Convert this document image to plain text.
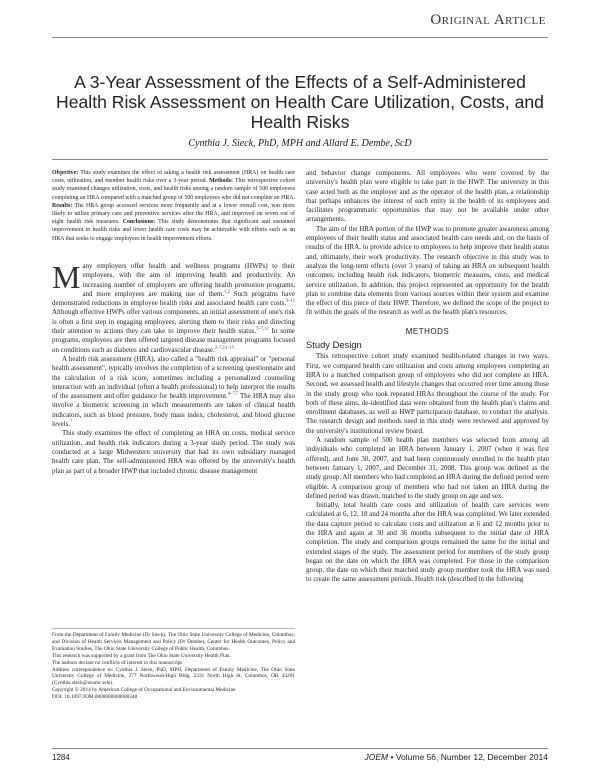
Original Article
A 3-Year Assessment of the Effects of a Self-Administered Health Risk Assessment on Health Care Utilization, Costs, and Health Risks
Cynthia J. Sieck, PhD, MPH and Allard E. Dembe, ScD
Objective: This study examines the effect of taking a health risk assessment (HRA) on health care costs, utilization, and member health risks over a 3-year period. Methods: This retrospective cohort study examined changes utilization, costs, and health risks among a random sample of 500 employees completing an HRA compared with a matched group of 500 employees who did not complete an HRA. Results: The HRA group accessed services more frequently and at a lower overall cost, was more likely to utilize primary care and preventive services after the HRA, and improved on seven out of eight health risk measures. Conclusions: This study demonstrates that significant and sustained improvement in health risks and lower health care costs may be achievable with efforts such as an HRA that seeks to engage employees in health improvement efforts.

Many employers offer health and wellness programs (HWPs) to their employees, with the aim of improving health and productivity. An increasing number of employers are offering health promotion programs, and more employees are making use of them.$^{1,2}$ Such programs have demonstrated reductions in employee health risks and associated health care costs.$^{3-11}$ Although effective HWPs offer various components, an initial assessment of one's risk is often a first step in engaging employees, alerting them to their risks and directing their attention to actions they can take to improve their health status.$^{5-7,12}$ In some programs, employees are then offered targeted disease management programs focused on conditions such as diabetes and cardiovascular disease.$^{2-7,13-15}$

A health risk assessment (HRA), also called a "health risk appraisal" or "personal health assessment", typically involves the completion of a screening questionnaire and the calculation of a risk score, sometimes including a personalized counseling interaction with an individual (often a health professional) to help interpret the results of the assessment and offer guidance for health improvement.$^{4-7,7}$ The HRA may also involve a biometric screening in which measurements are taken of clinical health indicators, such as blood pressure, body mass index, cholesterol, and blood glucose levels.$^7$

This study examines the effect of completing an HRA on costs, medical service utilization, and health risk indicators during a 3-year study period. The study was conducted at a large Midwestern university that had its own subsidiary managed health care plan. The self-administered HRA was offered by the university's health plan as part of a broader HWP that included chronic disease management

From the Department of Family Medicine (Dr Sieck), The Ohio State University College of Medicine, Columbus; and Division of Health Services Management and Policy (Dr Dembe), Center for Health Outcomes, Policy and Evaluation Studies, The Ohio State University College of Public Health, Columbus.

This research was supported by a grant from The Ohio State University Health Plan.

The authors declare no conflicts of interest in this manuscript.

Address correspondence to: Cynthia J. Sieck, PhD, MPH, Department of Family Medicine, The Ohio State University College of Medicine, 277 Northwood-High Bldg, 2231 North High St, Columbus, OH 43201 (Cynthia.sieck@osumc.edu).

Copyright © 2014 by American College of Occupational and Environmental Medicine

DOI: 10.1097/JOM.0000000000000348

and behavior change components. All employees who were covered by the university's health plan were eligible to take part in the HWP. The university in this case acted both as the employer and as the operator of the health plan, a relationship that perhaps enhances the interest of each entity in the health of its employees and facilitates programmatic opportunities that may not be available under other arrangements.

The aim of the HRA portion of the HWP was to promote greater awareness among employees of their health status and associated health care needs and, on the basis of results of the HRA, to provide advice to employees to help improve their health status and, ultimately, their work productivity. The research objective in this study was to analyze the long-term effects (over 3 years) of taking an HRA on subsequent health outcomes, including health risk indicators, biometric measures, costs, and medical service utilization. In addition, this project represented an opportunity for the health plan to combine data elements from various sources within their system and examine the effect of this piece of their HWP. Therefore, we defined the scope of the project to fit within the goals of the research as well as the health plan's resources.

METHODS
Study Design

This retrospective cohort study examined health-related changes in two ways. First, we compared health care utilization and costs among employees completing an HRA to a matched comparison group of employees who did not complete an HRA. Second, we assessed health and lifestyle changes that occurred over time among those in the study group who took repeated HRAs throughout the course of the study. For both of these aims, de-identified data were obtained from the health plan's claims and enrollment databases, as well as HWP participation database, to conduct the analysis. The research design and methods used in this study were reviewed and approved by the university's institutional review board.

A random sample of 500 health plan members was selected from among all individuals who completed an HRA between January 1, 2007 (when it was first offered), and June 30, 2007, and had been continuously enrolled in the health plan between January 1, 2007, and December 31, 2008. This group was defined as the study group. All members who had completed an HRA during the defined period were eligible. A comparison group of members who had not taken an HRA during the defined period was drawn, matched to the study group on age and sex.

Initially, total health care costs and utilization of health care services were calculated at 6, 12, 18 and 24 months after the HRA was completed. We later extended the data capture period to calculate costs and utilization at 6 and 12 months prior to the HRA and again at 30 and 36 months subsequent to the initial date of HRA completion. The study and comparison groups remained the same for the initial and extended stages of the study. The assessment period for members of the study group began on the date on which the HRA was completed. For those in the comparison group, the date on which their matched study group member took the HRA was used to create the same assessment periods. Health risk (described in the following

1284	JOEM • Volume 56, Number 12, December 2014
